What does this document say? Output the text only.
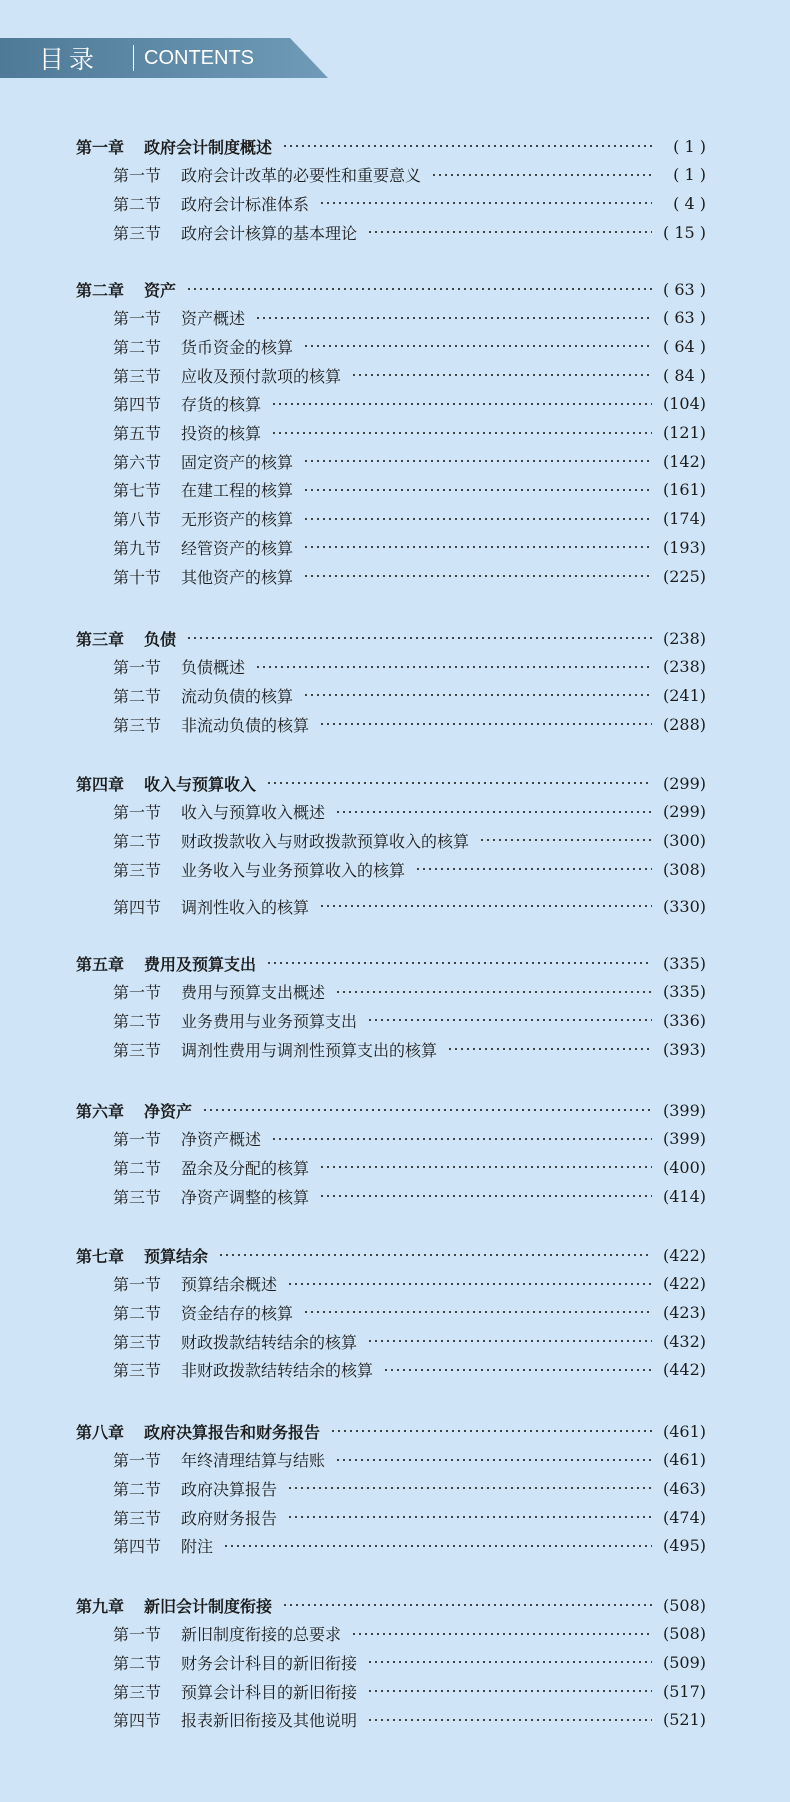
目录 CONTENTS
第一章 政府会计制度概述	( 1 )
第一节 政府会计改革的必要性和重要意义	( 1 )
第二节 政府会计标准体系	( 4 )
第三节 政府会计核算的基本理论	( 15 )
第二章 资产	( 63 )
第一节 资产概述	( 63 )
第二节 货币资金的核算	( 64 )
第三节 应收及预付款项的核算	( 84 )
第四节 存货的核算	(104)
第五节 投资的核算	(121)
第六节 固定资产的核算	(142)
第七节 在建工程的核算	(161)
第八节 无形资产的核算	(174)
第九节 经管资产的核算	(193)
第十节 其他资产的核算	(225)
第三章 负债	(238)
第一节 负债概述	(238)
第二节 流动负债的核算	(241)
第三节 非流动负债的核算	(288)
第四章 收入与预算收入	(299)
第一节 收入与预算收入概述	(299)
第二节 财政拨款收入与财政拨款预算收入的核算	(300)
第三节 业务收入与业务预算收入的核算	(308)
第四节 调剂性收入的核算	(330)
第五章 费用及预算支出	(335)
第一节 费用与预算支出概述	(335)
第二节 业务费用与业务预算支出	(336)
第三节 调剂性费用与调剂性预算支出的核算	(393)
第六章 净资产	(399)
第一节 净资产概述	(399)
第二节 盈余及分配的核算	(400)
第三节 净资产调整的核算	(414)
第七章 预算结余	(422)
第一节 预算结余概述	(422)
第二节 资金结存的核算	(423)
第三节 财政拨款结转结余的核算	(432)
第三节 非财政拨款结转结余的核算	(442)
第八章 政府决算报告和财务报告	(461)
第一节 年终清理结算与结账	(461)
第二节 政府决算报告	(463)
第三节 政府财务报告	(474)
第四节 附注	(495)
第九章 新旧会计制度衔接	(508)
第一节 新旧制度衔接的总要求	(508)
第二节 财务会计科目的新旧衔接	(509)
第三节 预算会计科目的新旧衔接	(517)
第四节 报表新旧衔接及其他说明	(521)
